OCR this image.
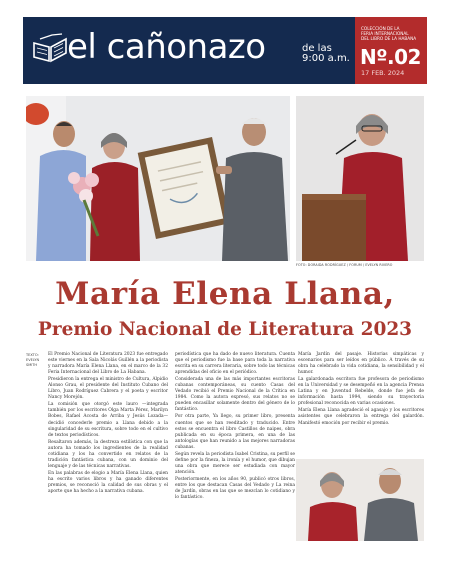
el cañonazo	de las
9:00 a.m.
COLECCIÓN DE LA
FERIA INTERNACIONAL
DEL LIBRO DE LA HABANA
Nº.02
17 FEB. 2024
FOTO: DORAIDA RODRÍGUEZ / FORUM / EVELYN RIVERO
María Elena Llana,
Premio Nacional de Literatura 2023
TEXTO:
EVELYN
SMITH

El Premio Nacional de Literatura 2023 fue entregado este viernes en la Sala Nicolás Guillén a la periodista y narradora María Elena Llana, en el marco de la 32 Feria Internacional del Libro de La Habana.

Presidieron la entrega el ministro de Cultura, Alpidio Alonso Grau, el presidente del Instituto Cubano del Libro, Juan Rodríguez Cabrera y el poeta y escritor Nancy Morejón.

La comisión que otorgó este lauro —integrada también por los escritores Olga Marta Pérez, Marilyn Bobes, Rafael Acosta de Arriba y Jesús Lozada— decidió concederle premio a Llana debido a la singularidad de su escritura, sobre todo en el cultivo de textos periodísticos.

Resaltaron además, la destreza estilística con que la autora ha tomado los ingredientes de la realidad cotidiana y los ha convertido en relatos de la tradición fantástica cubana, con un dominio del lenguaje y de las técnicas narrativas.

En las palabras de elogio a María Elena Llana, quien ha escrito varios libros y ha ganado diferentes premios, se reconoció la calidad de sus obras y el aporte que ha hecho a la narrativa cubana.

periodística que ha dado de nuevo literatura. Cuenta que el periodismo fue la base para toda la narrativa escrita en su carrera literaria, sobre todo las técnicas aprendidas del oficio en el periódico.

Considerada una de las más importantes escritoras cubanas contemporáneas, su cuento Casas del Vedado recibió el Premio Nacional de la Crítica en 1984. Como la autora expresó, sus relatos no se pueden encasillar solamente dentro del género de lo fantástico.

Por otra parte, Ya llego, su primer libro, presenta cuentos que se han reeditado y traducido. Entre estos se encuentra el libro Castillos de naipes, obra publicada en su época primera, en una de las antologías que han reunido a las mejores narradoras cubanas.

Según revela la periodista Isabel Cristina, su perfil se define por la fineza, la ironía y el humor, que dibujan una obra que merece ser estudiada con mayor atención.

Posteriormente, en los años 90, publicó otros libros, entre los que destacan Casas del Vedado y La reina de Jardín, obras en las que se mezclan lo cotidiano y lo fantástico.

María Jardín del pasaje. Historias simpáticas y escenarios para ser leídos en público. A través de su obra ha celebrado la vida cotidiana, la sensibilidad y el humor.

La galardonada escritora fue profesora de periodismo en la Universidad y se desempeñó en la agencia Prensa Latina y en Juventud Rebelde, donde fue jefa de información hasta 1994, siendo su trayectoria profesional reconocida en varias ocasiones.

María Elena Llana agradeció el agasajo y los escritores asistentes que celebraron la entrega del galardón. Manifestó emoción por recibir el premio.
